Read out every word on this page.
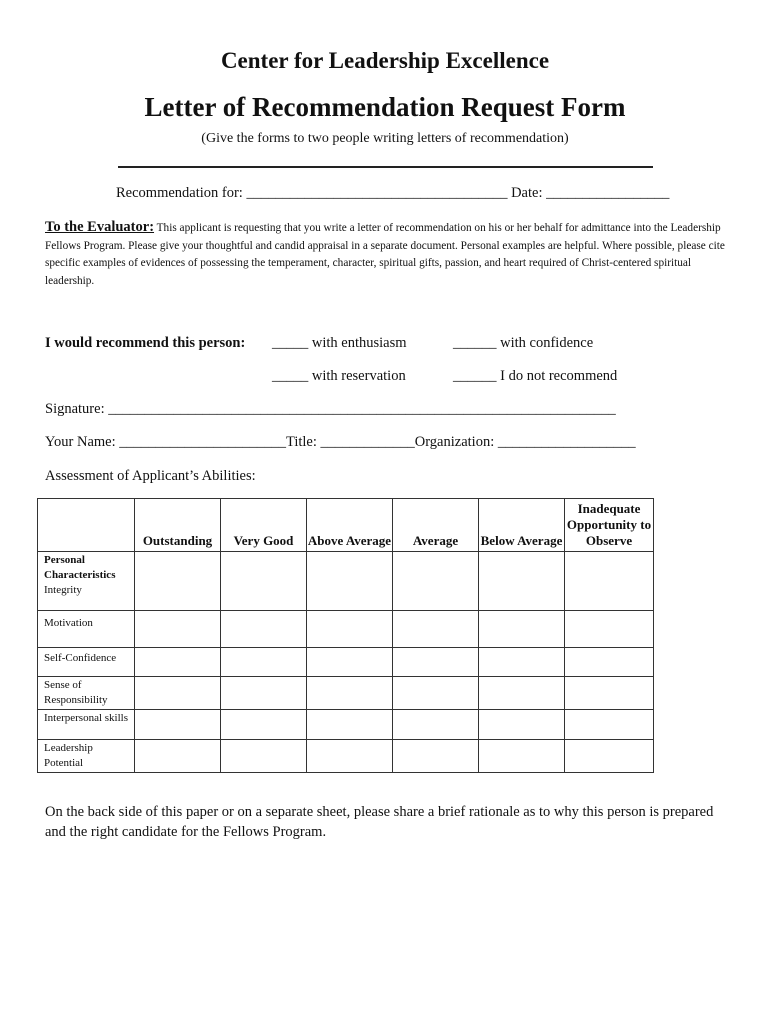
Center for Leadership Excellence
Letter of Recommendation Request Form
(Give the forms to two people writing letters of recommendation)
Recommendation for: ____________________________________ Date: _________________
To the Evaluator: This applicant is requesting that you write a letter of recommendation on his or her behalf for admittance into the Leadership Fellows Program. Please give your thoughtful and candid appraisal in a separate document. Personal examples are helpful. Where possible, please cite specific examples of evidences of possessing the temperament, character, spiritual gifts, passion, and heart required of Christ-centered spiritual leadership.
I would recommend this person: _____ with enthusiasm	______ with confidence
_____ with reservation	______ I do not recommend
Signature: ______________________________________________________________________
Your Name: _______________________Title: _____________Organization: ___________________
Assessment of Applicant’s Abilities:
	Outstanding	Very Good	Above Average	Average	Below Average	Inadequate Opportunity to Observe

Personal Characteristics
Integrity						

Motivation						

Self-Confidence						

Sense of Responsibility						

Interpersonal skills						

Leadership Potential						

On the back side of this paper or on a separate sheet, please share a brief rationale as to why this person is prepared and the right candidate for the Fellows Program.
